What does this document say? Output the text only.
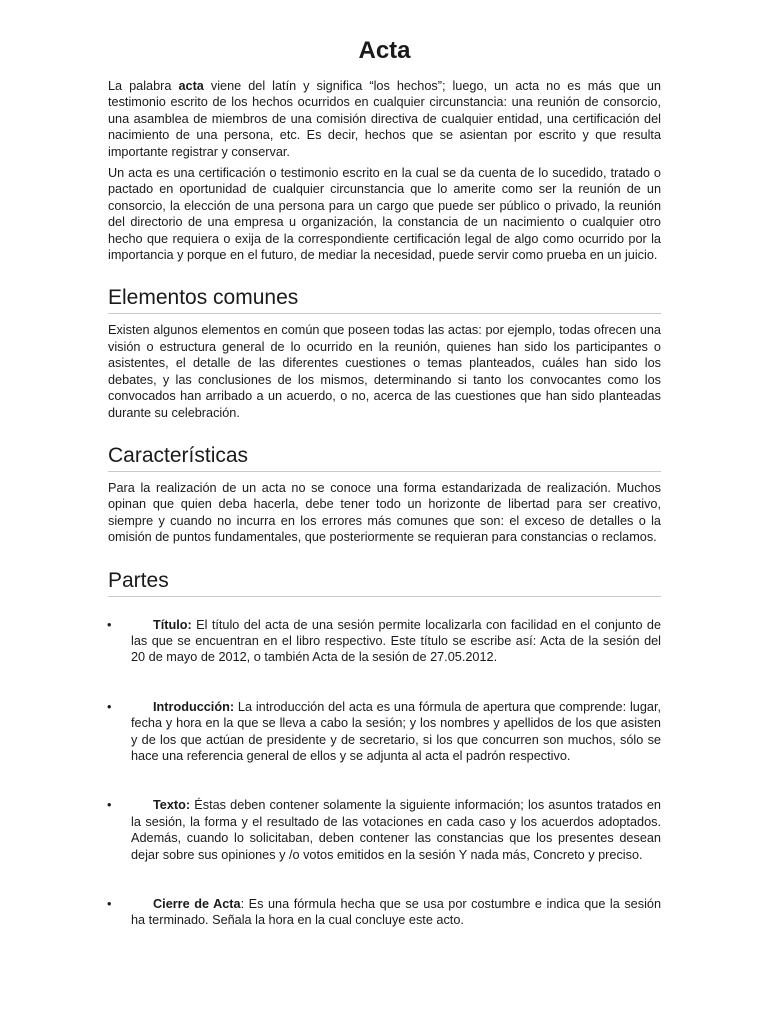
Acta

La palabra acta viene del latín y significa “los hechos”; luego, un acta no es más que un testimonio escrito de los hechos ocurridos en cualquier circunstancia: una reunión de consorcio, una asamblea de miembros de una comisión directiva de cualquier entidad, una certificación del nacimiento de una persona, etc. Es decir, hechos que se asientan por escrito y que resulta importante registrar y conservar.

Un acta es una certificación o testimonio escrito en la cual se da cuenta de lo sucedido, tratado o pactado en oportunidad de cualquier circunstancia que lo amerite como ser la reunión de un consorcio, la elección de una persona para un cargo que puede ser público o privado, la reunión del directorio de una empresa u organización, la constancia de un nacimiento o cualquier otro hecho que requiera o exija de la correspondiente certificación legal de algo como ocurrido por la importancia y porque en el futuro, de mediar la necesidad, puede servir como prueba en un juicio.

Elementos comunes

Existen algunos elementos en común que poseen todas las actas: por ejemplo, todas ofrecen una visión o estructura general de lo ocurrido en la reunión, quienes han sido los participantes o asistentes, el detalle de las diferentes cuestiones o temas planteados, cuáles han sido los debates, y las conclusiones de los mismos, determinando si tanto los convocantes como los convocados han arribado a un acuerdo, o no, acerca de las cuestiones que han sido planteadas durante su celebración.

Características

Para la realización de un acta no se conoce una forma estandarizada de realización. Muchos opinan que quien deba hacerla, debe tener todo un horizonte de libertad para ser creativo, siempre y cuando no incurra en los errores más comunes que son: el exceso de detalles o la omisión de puntos fundamentales, que posteriormente se requieran para constancias o reclamos.

Partes
•	Título: El título del acta de una sesión permite localizarla con facilidad en el conjunto de las que se encuentran en el libro respectivo. Este título se escribe así: Acta de la sesión del 20 de mayo de 2012, o también Acta de la sesión de 27.05.2012.
•	Introducción: La introducción del acta es una fórmula de apertura que comprende: lugar, fecha y hora en la que se lleva a cabo la sesión; y los nombres y apellidos de los que asisten y de los que actúan de presidente y de secretario, si los que concurren son muchos, sólo se hace una referencia general de ellos y se adjunta al acta el padrón respectivo.
•	Texto: Éstas deben contener solamente la siguiente información; los asuntos tratados en la sesión, la forma y el resultado de las votaciones en cada caso y los acuerdos adoptados. Además, cuando lo solicitaban, deben contener las constancias que los presentes desean dejar sobre sus opiniones y /o votos emitidos en la sesión Y nada más, Concreto y preciso.
•	Cierre de Acta: Es una fórmula hecha que se usa por costumbre e indica que la sesión ha terminado. Señala la hora en la cual concluye este acto.
